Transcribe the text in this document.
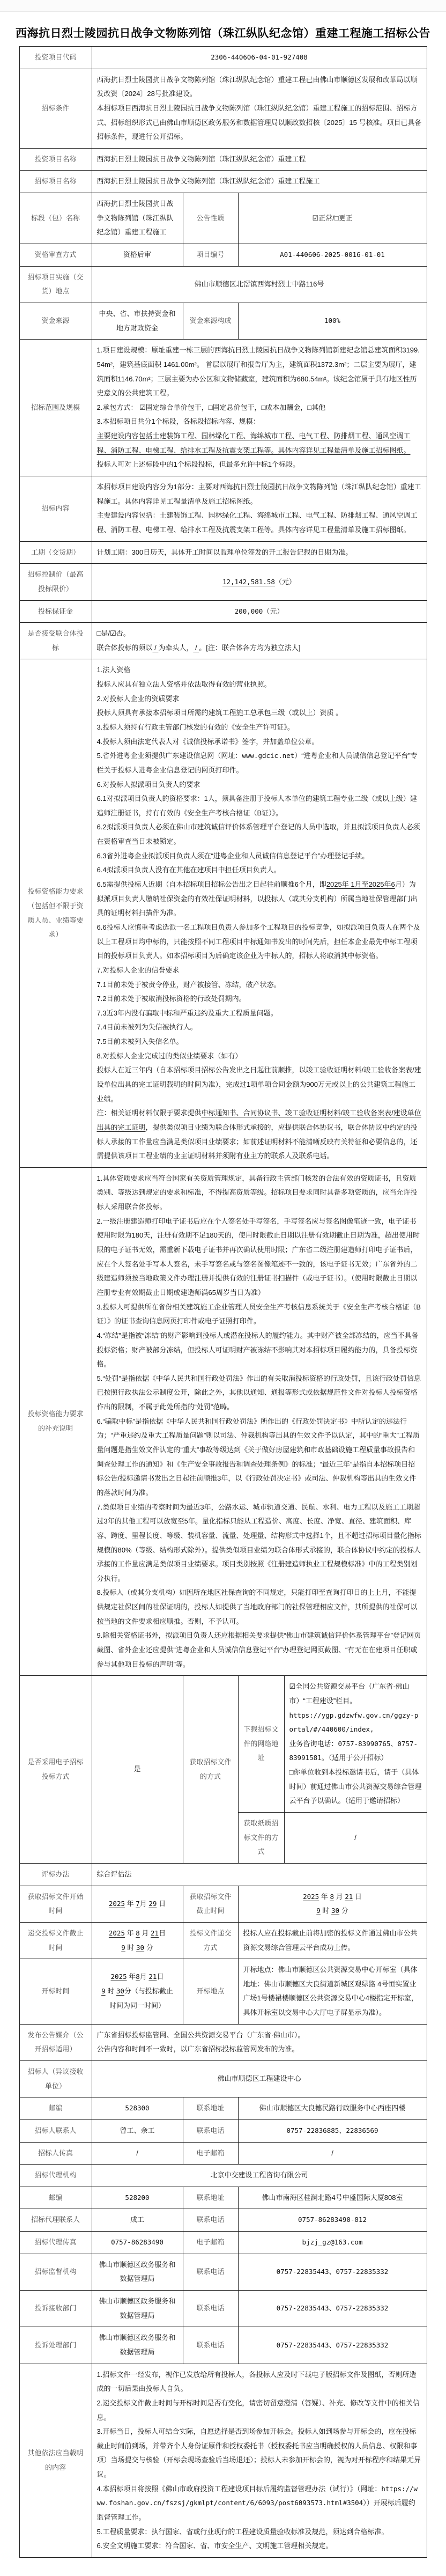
西海抗日烈士陵园抗日战争文物陈列馆（珠江纵队纪念馆）重建工程施工招标公告
投资项目代码	2306-440606-04-01-927408			

招标条件	西海抗日烈士陵园抗日战争文物陈列馆（珠江纵队纪念馆）重建工程已由佛山市顺德区发展和改革局以顺发改资〔2024〕28号批准建设。
本招标项目西海抗日烈士陵园抗日战争文物陈列馆（珠江纵队纪念馆）重建工程施工的招标范围、招标方式、招标组织形式已由佛山市顺德区政务服务和数据管理局以顺政数招核〔2025〕15 号核准。项目已具备招标条件，现进行公开招标。			

投资项目名称	西海抗日烈士陵园抗日战争文物陈列馆（珠江纵队纪念馆）重建工程			

招标项目名称	西海抗日烈士陵园抗日战争文物陈列馆（珠江纵队纪念馆）重建工程施工			

标段（包）名称	西海抗日烈士陵园抗日战争文物陈列馆（珠江纵队纪念馆）重建工程施工	公告性质	☑正常/□更正	

资格审查方式	资格后审	项目编号	A01-440606-2025-0016-01-01	

招标项目实施（交货）地点	佛山市顺德区北滘镇西海村烈士中路116号			

资金来源	中央、省、市扶持资金和地方财政资金	资金来源构成	100%	

招标范围及规模	1.项目建设规模：原址重建一栋三层的西海抗日烈士陵园抗日战争文物陈列馆新建纪念馆总建筑面积3199.54m²，建筑基底面积 1461.00m²。 首层以展厅和报告厅为主，建筑面积1372.3m²；二层主要为展厅，建筑面积1146.70m²；三层主要为办公区和文物储藏室，建筑面积为680.54m²。该纪念馆属于具有地区性历史意义的公共建筑工程。
2.承包方式： ☑固定综合单价包干，□固定总价包干，□成本加酬金，□其他
3.本招标项目共分1个标段，各标段招标内容、规模：
主要建设内容包括土建装饰工程、园林绿化工程、海绵城市工程、电气工程、防排烟工程、通风空调工程、消防工程、电梯工程、给排水工程及抗震支架工程等。具体内容详见工程量清单及施工招标图纸。
投标人可对上述标段中的1个标段投标，但最多允许中标1个标段。			

招标内容	本招标项目建设内容分为1部分：主要对西海抗日烈士陵园抗日战争文物陈列馆（珠江纵队纪念馆）重建工程施工。具体内容详见工程量清单及施工招标图纸。
主要建设内容包括：土建装饰工程、园林绿化工程、海绵城市工程、电气工程、防排烟工程、通风空调工程、消防工程、电梯工程、给排水工程及抗震支架工程等。具体内容详见工程量清单及施工招标图纸。			

工期（交货期）	计划工期：300日历天，具体开工时间以监理单位签发的开工报告记载的日期为准。			

招标控制价（最高投标限价）	12,142,581.58（元）			

投标保证金	200,000（元）			

是否接受联合体投标	□是/☑否。
联合体投标的须以 / 为牵头人， / 。[注：联合体各方均为独立法人]			

投标资格能力要求（包括但不限于资质人员、业绩等要求）

1.法人资格
投标人应具有独立法人资格并依法取得有效的营业执照。
2.对投标人企业的资质要求
投标人须具有承接本招标项目所需的建筑工程施工总承包三级（或以上）资质 。
3.投标人须持有行政主管部门核发的有效的《安全生产许可证》。
4.投标人须由法定代表人对《诚信投标承诺书》签字，并加盖单位公章。
5.省外进粤企业须提供广东建设信息网（网址：www.gdcic.net）“进粤企业和人员诚信信息登记平台”专栏关于投标人进粤企业信息登记的网页打印件。
6.对投标人拟派项目负责人的要求
6.1对拟派项目负责人的资格要求：1人，须具备注册于投标人本单位的建筑工程专业二级（或以上级）建造师注册证书，持有有效的《安全生产考核合格证（B证）》。
6.2拟派项目负责人必须在佛山市建筑诚信评价体系管理平台登记的人员中选取，并且拟派项目负责人必须在资格审查当日未被锁定。
6.3省外进粤企业拟派项目负责人须在“进粤企业和人员诚信信息登记平台”办理登记手续。
6.4拟派项目负责人没有在其他在建项目中担任项目负责人。
6.5需提供投标人近期（自本招标项目招标公告出之日起往前顺推6个月，即2025年 1月至2025年6月）为拟派项目负责人缴纳社保资金的有效社保证明材料，以投标人（或其分支机构）所属当地社保管理部门出具的证明材料扫描件为准。
6.6投标人应慎重考虑选派一名工程项目负责人参加多个工程项目的投标竞争，如拟派项目负责人在两个及以上工程项目均中标的，只能按照不同工程项目中标通知书发出的时间先后，担任本企业最先中标工程项目的投标项目负责人。如本招标项目为后确定该企业为中标人的，招标人将取消其中标资格。
7.对投标人企业的信誉要求
7.1目前未处于被责令停业，财产被接管、冻结，破产状态。
7.2目前未处于被取消投标资格的行政处罚期内。
7.3近3年内没有骗取中标和严重违约及重大工程质量问题。
7.4目前未被列为失信被执行人。
7.5目前未被列入失信名单。
8.对投标人企业完成过的类似业绩要求（如有）
投标人在近三年内（自本招标项目招标公告发出之日起往前顺推，以竣工验收证明材料/竣工验收备案表/建设单位出具的完工证明载明的时间为准），完成过1项单项合同金额为900万元或以上的公共建筑工程施工业绩。
注：相关证明材料仅限于要求提供中标通知书、合同协议书、竣工验收证明材料/竣工验收备案表/建设单位出具的完工证明，提供类似项目业绩为联合体形式承接的，应提供联合体协议书，联合体协议中约定的投标人承接的工作量应当满足类似项目业绩要求；如前述证明材料不能清晰反映有关特征和必要信息的，还需提供该项目工程业绩的业主证明材料并须附有业主方的联系人及联系电话。

投标资格能力要求的补充说明

1.具体资质要求应当符合国家有关资质管理规定，具备行政主管部门核发的合法有效的资质证书，且资质类别、等级达到规定的要求和标准，不得提高资质等级。招标项目要求同时具备多项资质的，应当允许投标人采用联合体投标。
2.一级注册建造师打印电子证书后应在个人签名处手写签名，手写签名应与签名图像笔迹一致，电子证书使用时限为180天，注册有效期不足180天的，使用时限截止日期以注册有效期截止日期为准，超出使用时限的电子证书无效，需重新下载电子证书并再次确认使用时限；广东省二级注册建造师打印电子证书后，应在个人签名处手写本人签名，未手写签名或与签名图像笔迹不一致的，该电子证书无效；广东省外的二级建造师须按当地政策文件办理注册并提供有效的注册证书扫描件（或电子证书）。（使用时限截止日期以注册专业有效期截止日期或建造师满65周岁当日为准）
3.投标人可提供所在省份相关建筑施工企业管理人员安全生产考核信息系统关于《安全生产考核合格证（B证）》的证书查询信息网页打印件或电子证照打印件。
4.“冻结”是指被“冻结”的财产影响到投标人或潜在投标人的履约能力。其中财产被全部冻结的，应当不具备投标资格；财产被部分冻结，但投标人可证明财产被冻结不影响其对本招标项目履约能力的，具备投标资格。
5.“处罚”是指依据《中华人民共和国行政处罚法》作出的有关取消投标资格的行政处罚，且该行政处罚信息已按照行政执法公示制度公开，除此之外，其他以通知、通报等形式或依据规范性文件对投标人投标资格作出的限制，不属于此处所指的“处罚”范畴。
6.“骗取中标”是指依据《中华人民共和国行政处罚法》所作出的《行政处罚决定书》中所认定的违法行为；“严重违约及重大工程质量问题”则以司法、仲裁机构等出具的生效文件予以认定，其中的“重大”工程质量问题是指生效文件认定的“重大”事故等级达到《关于做好房屋建筑和市政基础设施工程质量事故报告和调查处理工作的通知》和《生产安全事故报告和调查处理条例》的标准；“最近三年”是指自本招标项目招标公告/投标邀请书发出之日起往前顺推3年，以《行政处罚决定书》或司法、仲裁机构等出具的生效文件的落款时间为准。
7.类似项目业绩的考察时间为最近3年，公路水运、城市轨道交通、民航、水利、电力工程以及施工工期超过3年的其他工程可以放宽至5年。量化指标只能从工程造价、高度、长度、净宽、直径、建筑面积、库容、跨度、里程长度、等级、装机容量、流量、处理量、结构形式中选择1个，且不超过招标项目量化指标规模的80%（等级、结构形式除外）。提供类似项目业绩为联合体形式承接的，联合体协议中约定的投标人承接的工作量应满足类似项目业绩要求。项目类别按照《注册建造师执业工程规模标准》中的工程类别划分执行。
8.投标人（或其分支机构）如因所在地区社保查询的不同规定，只能打印至查询打印日的上上月，不能提供规定社保区间的社保证明的，投标人如提供了当地政府部门的社保管理相应文件，其所提供的社保可以按当地的文件要求相应顺推。否则，不予认可。
9.除相关资格证书外，拟派项目负责人还应根据相关要求提供“佛山市建筑诚信评价体系管理平台”登记网页截图、省外企业还应提供“进粤企业和人员诚信信息登记平台”办理登记网页截图、“有无在在建项目任职或参与其他项目投标的声明”等。

是否采用电子招标投标方式	是	获取招标文件的方式	下载招标文件的网络地址	☑全国公共资源交易平台（广东省·佛山市）“工程建设”栏目。
https://ygp.gdzwfw.gov.cn/ggzy-portal/#/440600/index,
业务咨询电话：0757-83990765、0757-83991581。（适用于公开招标）
□你单位收到本投标邀请书后，请于（具体时间）前通过佛山市公共资源交易综合管理云平台予以确认。（适用于邀请招标）

			获取纸质招标文件的方式	/

评标办法	综合评估法			

获取招标文件开始时间	2025 年 7月 29 日	获取招标文件截止时间	2025 年 8 月 21 日
9 时 30 分	

递交投标文件截止时间	2025 年 8 月 21日
9 时 30 分	投标文件递交方式	投标人应在投标截止前将加密的投标文件通过佛山市公共资源交易综合管理云平台成功上传。	

开标时间	2025 年8月 21日
9 时 30分（与投标截止
时间为同一时间）	开标地点	开标地点：佛山市顺德区公共资源交易中心开标室（具体地址：佛山市顺德区大良街道新城区观绿路 4号恒实置业广场1号楼裙楼顺德区公共资源交易中心4楼指定开标室，具体开标室以交易中心大厅电子屏显示为准）。	

发布公告媒介（公开招标适用）	广东省招标投标监管网、全国公共资源交易平台（广东省·佛山市）。
公告内容和时间不一致时，以广东省招标投标监管网发布的为准。			

招标人（异议接收单位）	佛山市顺德区工程建设中心			

邮编	528300	联系地址	佛山市顺德区大良德民路行政服务中心西座四楼	

招标人联系人	曾工、余工	联系电话	0757-22836885、22836569	

招标人传真	/	电子邮箱	/	

招标代理机构	北京中交建设工程咨询有限公司			

邮编	528200	联系地址	佛山市南海区桂澜北路4号中盛国际大厦808室	

招标代理联系人	成工	联系电话	0757-86283490-812	

招标代理传真	0757-86283490	电子邮箱	bjzj_gz@163.com	

招标监督机构	佛山市顺德区政务服务和数据管理局	联系电话	0757-22835443、0757-22835332	

投诉接收部门	佛山市顺德区政务服务和数据管理局	联系电话	0757-22835443、0757-22835332	

投诉处理部门	佛山市顺德区政务服务和数据管理局	联系电话	0757-22835443、0757-22835332	

其他依法应当载明的内容

1.招标文件一经发布，视作已发放给所有投标人，各投标人应及时下载电子版招标文件及图纸，否则所造成的一切后果由投标人自负。
2.递交投标文件截止时间与开标时间是否有变化，请密切留意澄清（答疑）、补充、修改等文件中的相关信息。
3.开标当日，投标人可结合实际，自愿选择是否到场参加开标会。投标人如到场参与开标会的，应在投标截止时间前到场，并带齐个人身份证原件和授权委托书（授权委托书应当明确授权的人员信息、权限和事项）当场提交与核验（开标会现场查验后当场退还）；投标人未参加开标会的，视为对开标程序和结果无异议。
4.本招标项目将按照《佛山市政府投资工程建设项目标后履约监督管理办法（试行）》（网址：https://www.foshan.gov.cn/fszsj/gkmlpt/content/6/6093/post6093573.html#3504））开展标后履约监督管理工作。
5.工程质量要求：执行国家、省或行业现行的工程建设质量验收标准及规范，须达到合格标准。
6.安全文明施工要求：符合国家、省、市安全生产、文明施工管理相关规定。
